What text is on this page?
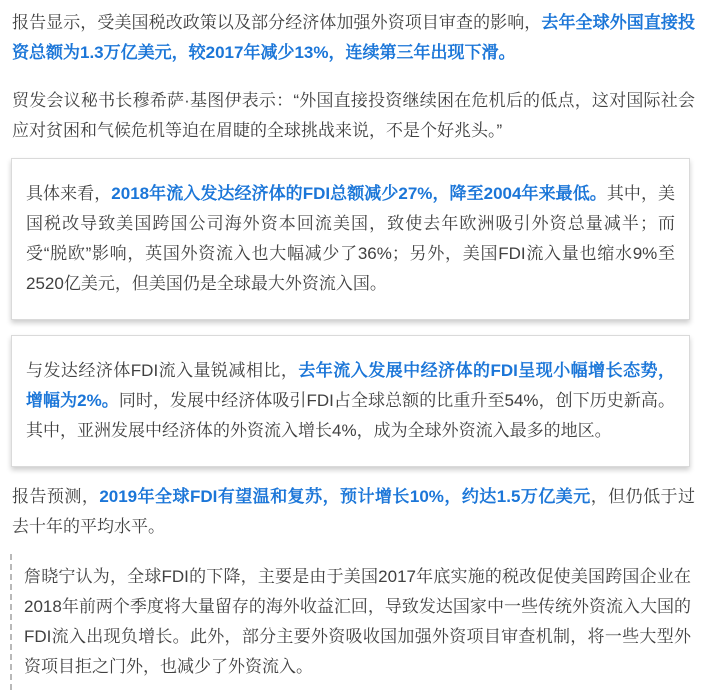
报告显示，受美国税改政策以及部分经济体加强外资项目审查的影响，去年全球外国直接投资总额为1.3万亿美元，较2017年减少13%，连续第三年出现下滑。

贸发会议秘书长穆希萨·基图伊表示：“外国直接投资继续困在危机后的低点，这对国际社会应对贫困和气候危机等迫在眉睫的全球挑战来说，不是个好兆头。”

具体来看，2018年流入发达经济体的FDI总额减少27%，降至2004年来最低。其中，美国税改导致美国跨国公司海外资本回流美国，致使去年欧洲吸引外资总量减半；而受“脱欧”影响，英国外资流入也大幅减少了36%；另外，美国FDI流入量也缩水9%至2520亿美元，但美国仍是全球最大外资流入国。
与发达经济体FDI流入量锐减相比，去年流入发展中经济体的FDI呈现小幅增长态势，增幅为2%。同时，发展中经济体吸引FDI占全球总额的比重升至54%，创下历史新高。其中，亚洲发展中经济体的外资流入增长4%，成为全球外资流入最多的地区。

报告预测，2019年全球FDI有望温和复苏，预计增长10%，约达1.5万亿美元，但仍低于过去十年的平均水平。

詹晓宁认为，全球FDI的下降，主要是由于美国2017年底实施的税改促使美国跨国企业在2018年前两个季度将大量留存的海外收益汇回，导致发达国家中一些传统外资流入大国的FDI流入出现负增长。此外，部分主要外资吸收国加强外资项目审查机制，将一些大型外资项目拒之门外，也减少了外资流入。
